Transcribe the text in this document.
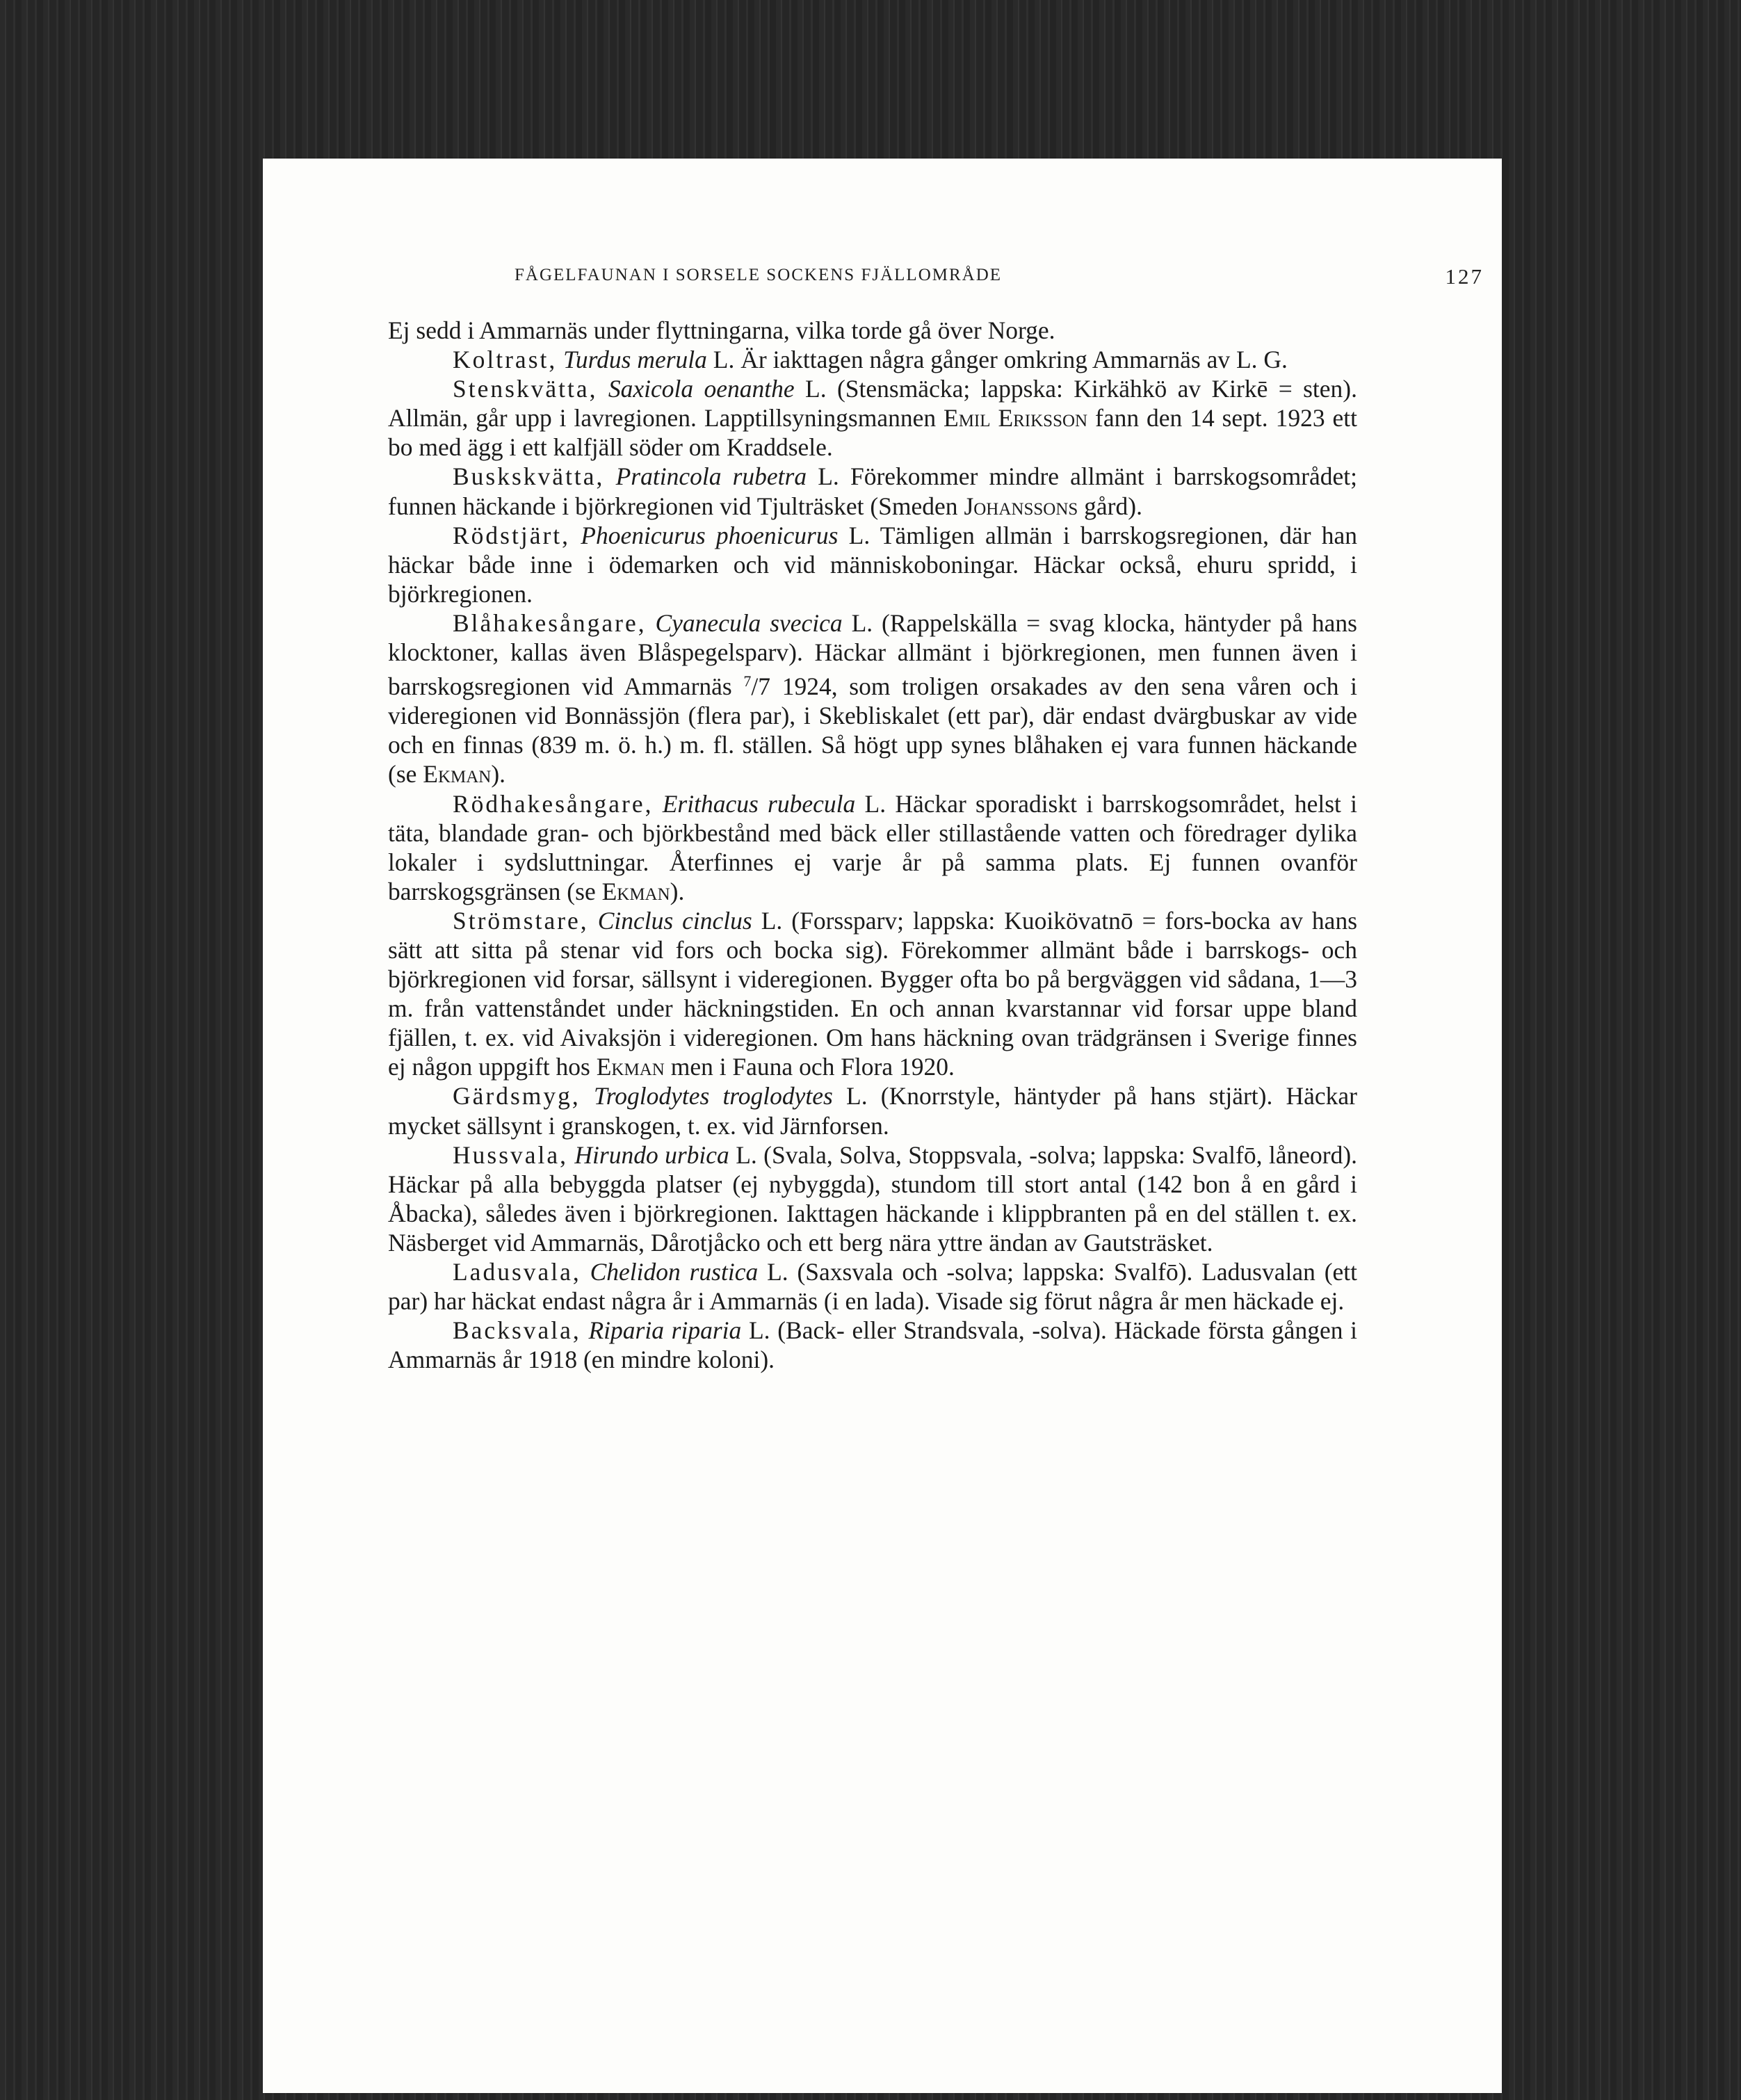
FÅGELFAUNAN I SORSELE SOCKENS FJÄLLOMRÅDE	127

Ej sedd i Ammarnäs under flyttningarna, vilka torde gå över Norge.

Koltrast, Turdus merula L. Är iakttagen några gånger omkring Ammarnäs av L. G.

Stenskvätta, Saxicola oenanthe L. (Stensmäcka; lappska: Kirkähkö av Kirkē = sten). Allmän, går upp i lavregionen. Lapptillsyningsmannen Emil Eriksson fann den 14 sept. 1923 ett bo med ägg i ett kalfjäll söder om Kraddsele.

Buskskvätta, Pratincola rubetra L. Förekommer mindre allmänt i barrskogsområdet; funnen häckande i björkregionen vid Tjulträsket (Smeden Johanssons gård).

Rödstjärt, Phoenicurus phoenicurus L. Tämligen allmän i barrskogsregionen, där han häckar både inne i ödemarken och vid människoboningar. Häckar också, ehuru spridd, i björkregionen.

Blåhakesångare, Cyanecula svecica L. (Rappelskälla = svag klocka, häntyder på hans klocktoner, kallas även Blåspegelsparv). Häckar allmänt i björkregionen, men funnen även i barrskogsregionen vid Ammarnäs $^7$/7 1924, som troligen orsakades av den sena våren och i videregionen vid Bonnässjön (flera par), i Skebliskalet (ett par), där endast dvärgbuskar av vide och en finnas (839 m. ö. h.) m. fl. ställen. Så högt upp synes blåhaken ej vara funnen häckande (se Ekman).

Rödhakesångare, Erithacus rubecula L. Häckar sporadiskt i barrskogsområdet, helst i täta, blandade gran- och björkbestånd med bäck eller stillastående vatten och föredrager dylika lokaler i sydsluttningar. Återfinnes ej varje år på samma plats. Ej funnen ovanför barrskogsgränsen (se Ekman).

Strömstare, Cinclus cinclus L. (Forssparv; lappska: Kuoikövatnō = fors-bocka av hans sätt att sitta på stenar vid fors och bocka sig). Förekommer allmänt både i barrskogs- och björkregionen vid forsar, sällsynt i videregionen. Bygger ofta bo på bergväggen vid sådana, 1—3 m. från vattenståndet under häckningstiden. En och annan kvarstannar vid forsar uppe bland fjällen, t. ex. vid Aivaksjön i videregionen. Om hans häckning ovan trädgränsen i Sverige finnes ej någon uppgift hos Ekman men i Fauna och Flora 1920.

Gärdsmyg, Troglodytes troglodytes L. (Knorrstyle, häntyder på hans stjärt). Häckar mycket sällsynt i granskogen, t. ex. vid Järnforsen.

Hussvala, Hirundo urbica L. (Svala, Solva, Stoppsvala, -solva; lappska: Svalfō, låneord). Häckar på alla bebyggda platser (ej nybyggda), stundom till stort antal (142 bon å en gård i Åbacka), således även i björkregionen. Iakttagen häckande i klippbranten på en del ställen t. ex. Näsberget vid Ammarnäs, Dårotjåcko och ett berg nära yttre ändan av Gautsträsket.

Ladusvala, Chelidon rustica L. (Saxsvala och -solva; lappska: Svalfō). Ladusvalan (ett par) har häckat endast några år i Ammarnäs (i en lada). Visade sig förut några år men häckade ej.

Backsvala, Riparia riparia L. (Back- eller Strandsvala, -solva). Häckade första gången i Ammarnäs år 1918 (en mindre koloni).
